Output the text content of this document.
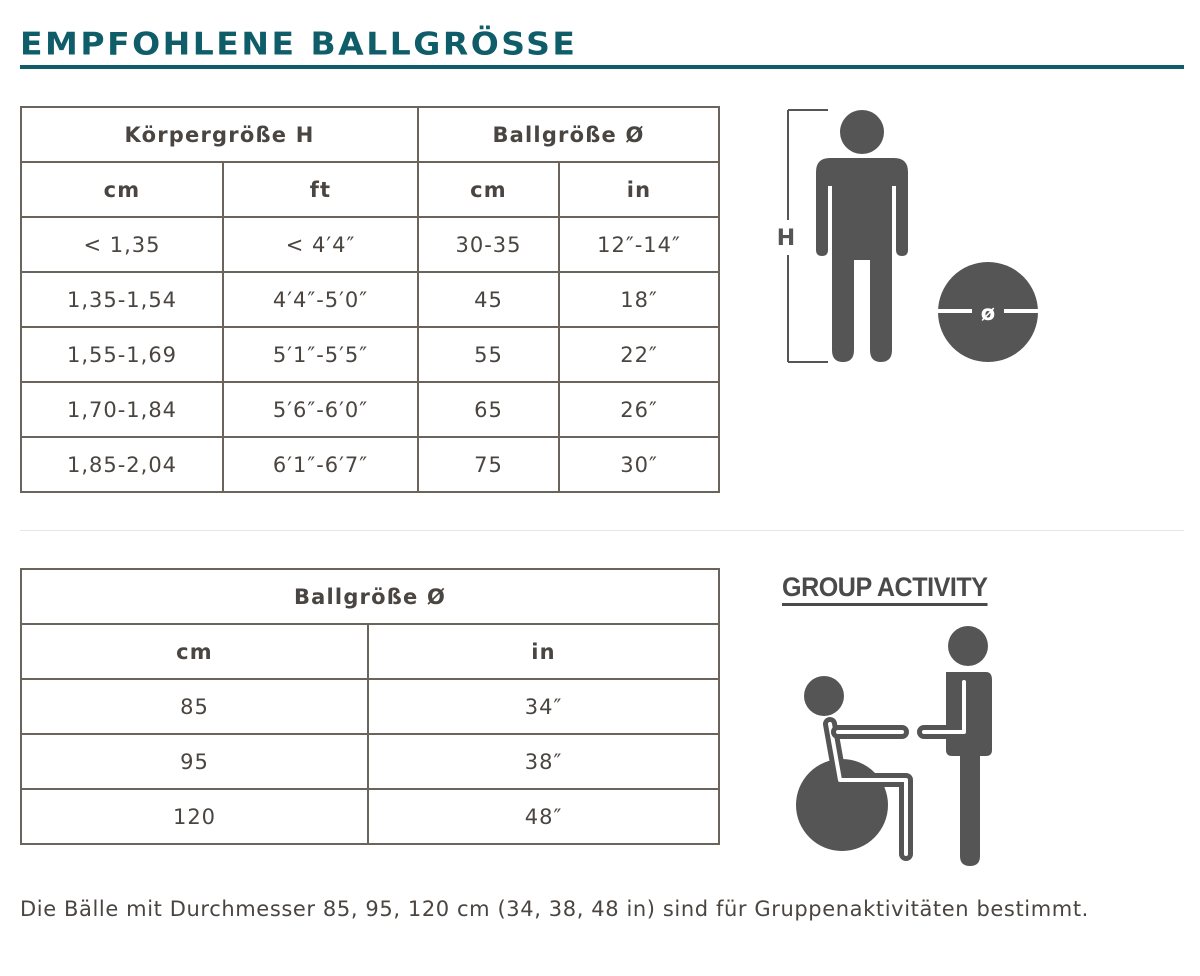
EMPFOHLENE BALLGRÖSSE
Körpergröße H		Ballgröße Ø	
cm	ft	cm	in
< 1,35	< 4′4″	30-35	12″-14″
1,35-1,54	4′4″-5′0″	45	18″
1,55-1,69	5′1″-5′5″	55	22″
1,70-1,84	5′6″-6′0″	65	26″
1,85-2,04	6′1″-6′7″	75	30″
H
ø
Ballgröße Ø	
cm	in
85	34″
95	38″
120	48″
GROUP ACTIVITY
Die Bälle mit Durchmesser 85, 95, 120 cm (34, 38, 48 in) sind für Gruppenaktivitäten bestimmt.
